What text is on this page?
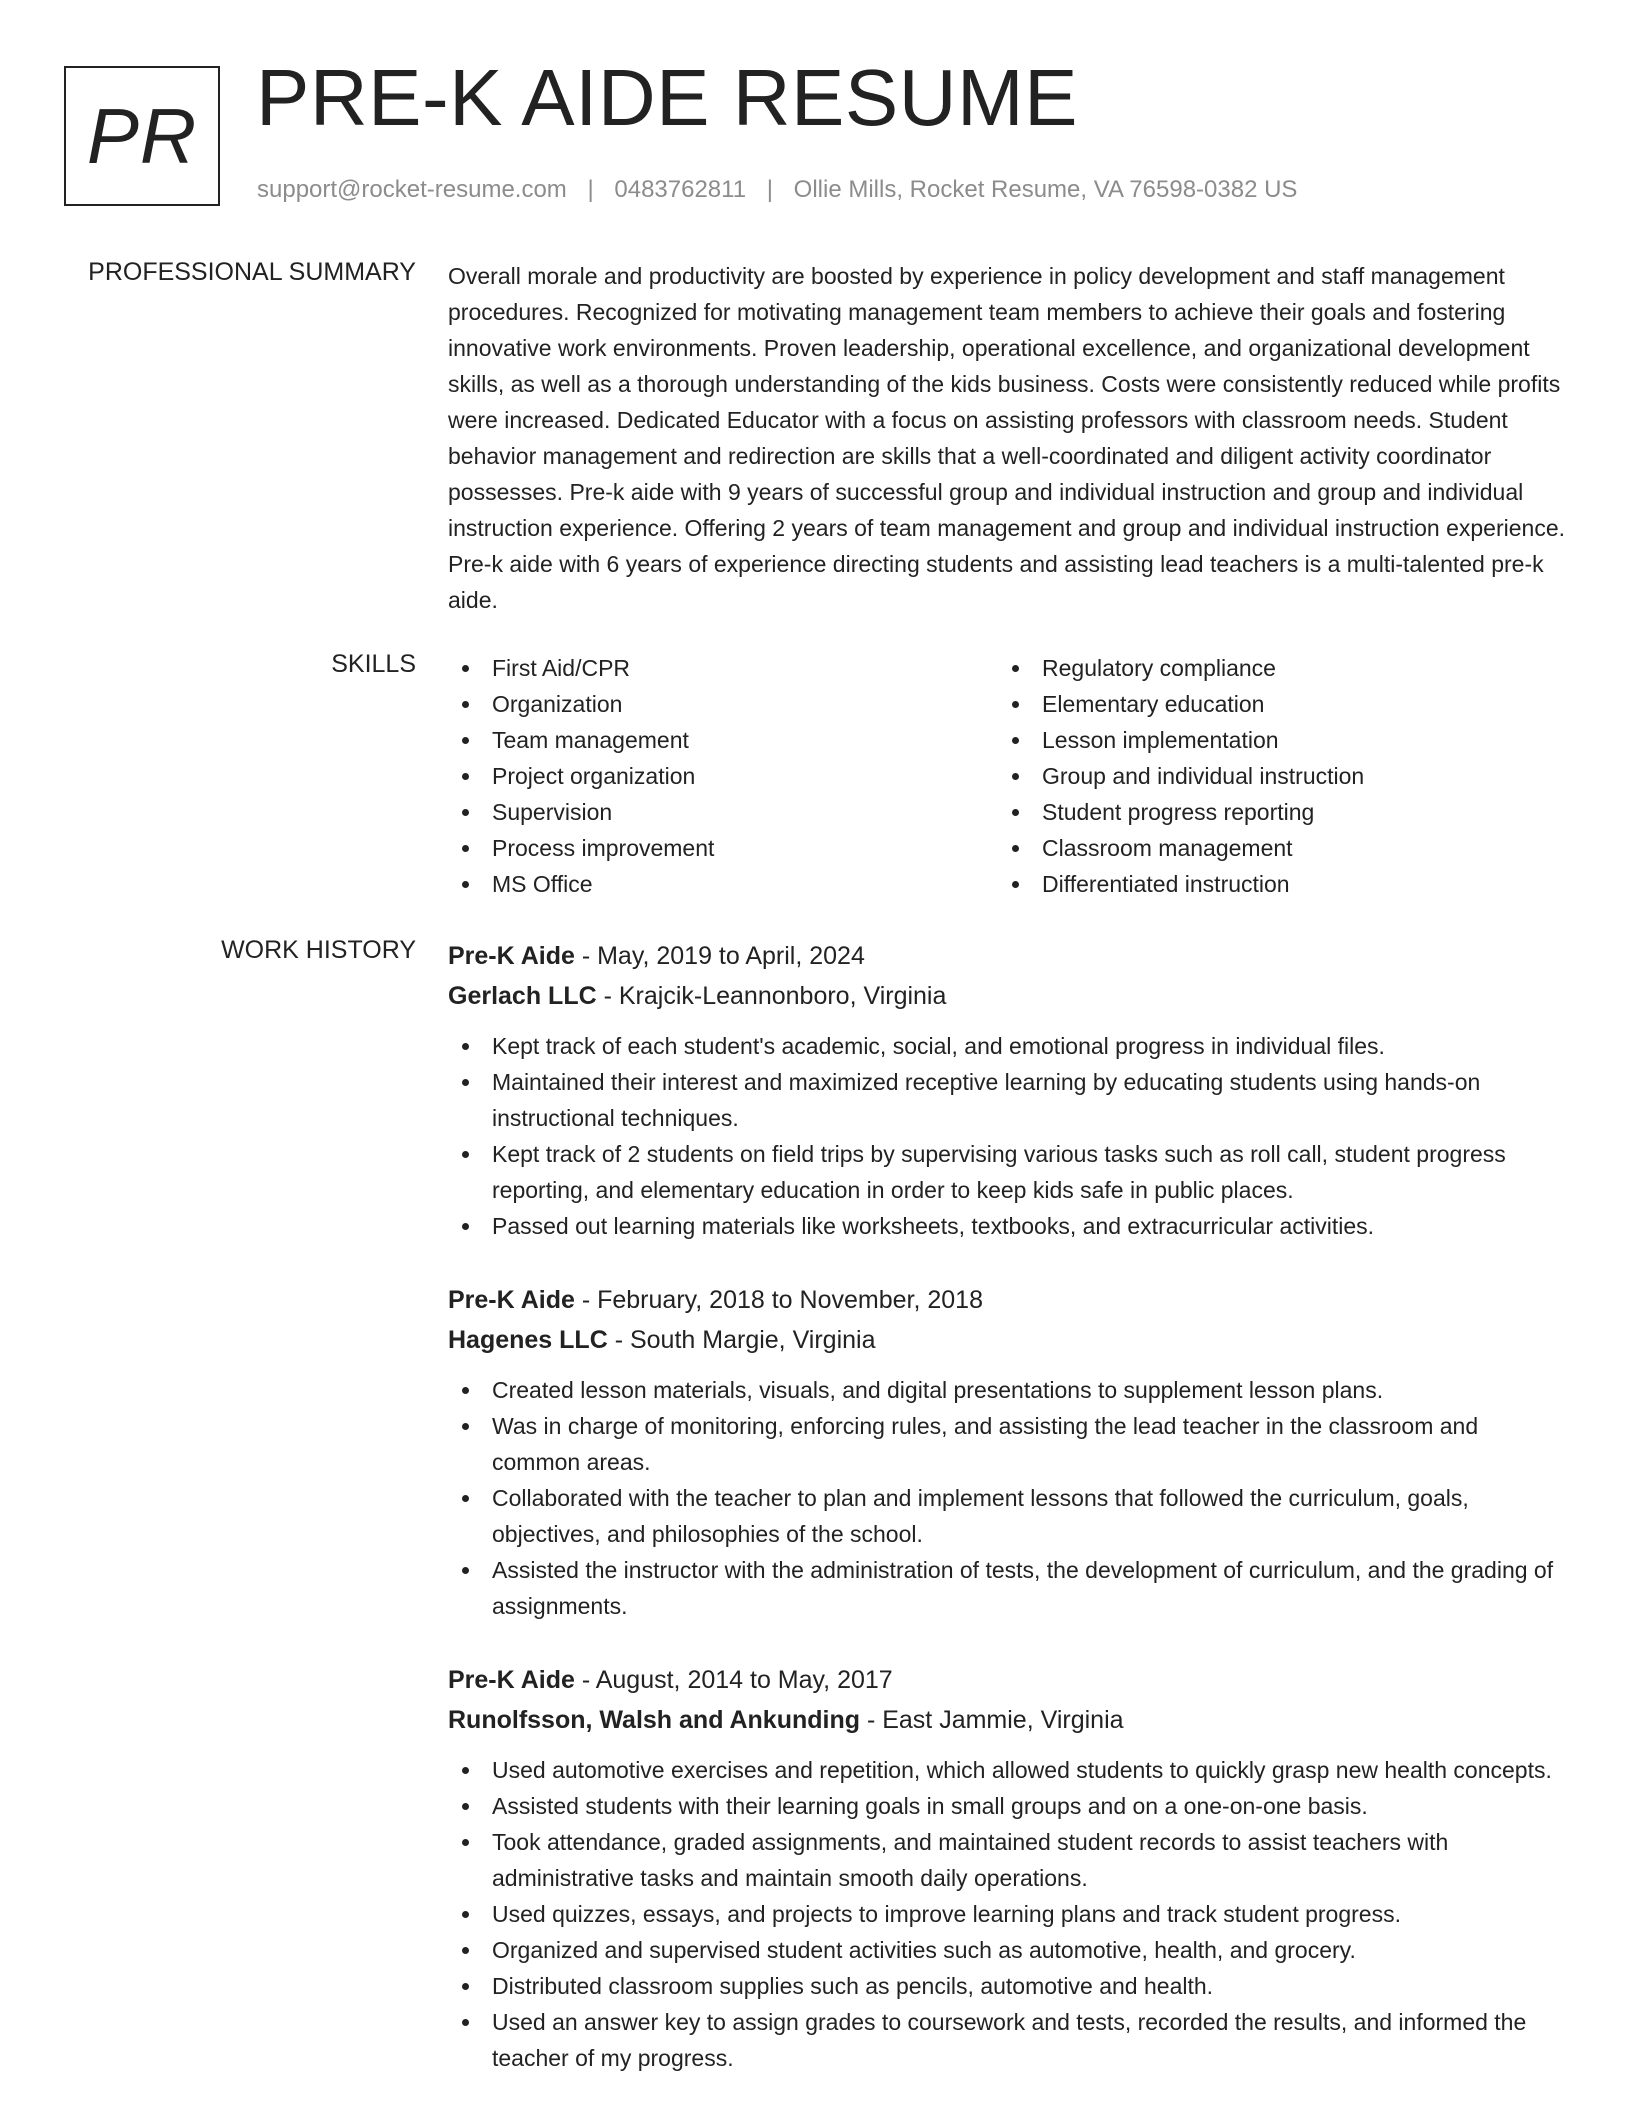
PR PRE-K AIDE RESUME
support@rocket-resume.com | 0483762811 | Ollie Mills, Rocket Resume, VA 76598-0382 US
PROFESSIONAL SUMMARY Overall morale and productivity are boosted by experience in policy development and staff management procedures. Recognized for motivating management team members to achieve their goals and fostering innovative work environments. Proven leadership, operational excellence, and organizational development skills, as well as a thorough understanding of the kids business. Costs were consistently reduced while profits were increased. Dedicated Educator with a focus on assisting professors with classroom needs. Student behavior management and redirection are skills that a well-coordinated and diligent activity coordinator possesses. Pre-k aide with 9 years of successful group and individual instruction and group and individual instruction experience. Offering 2 years of team management and group and individual instruction experience. Pre-k aide with 6 years of experience directing students and assisting lead teachers is a multi-talented pre-k aide.

SKILLS	First Aid/CPR
Organization
Team management
Project organization
Supervision
Process improvement
MS Office
Regulatory compliance
Elementary education
Lesson implementation
Group and individual instruction
Student progress reporting
Classroom management
Differentiated instruction
WORK HISTORY Pre-K Aide - May, 2019 to April, 2024
Gerlach LLC - Krajcik-Leannonboro, Virginia
Kept track of each student's academic, social, and emotional progress in individual files.
Maintained their interest and maximized receptive learning by educating students using hands-on instructional techniques.
Kept track of 2 students on field trips by supervising various tasks such as roll call, student progress reporting, and elementary education in order to keep kids safe in public places.
Passed out learning materials like worksheets, textbooks, and extracurricular activities.
Pre-K Aide - February, 2018 to November, 2018
Hagenes LLC - South Margie, Virginia
Created lesson materials, visuals, and digital presentations to supplement lesson plans.
Was in charge of monitoring, enforcing rules, and assisting the lead teacher in the classroom and common areas.
Collaborated with the teacher to plan and implement lessons that followed the curriculum, goals, objectives, and philosophies of the school.
Assisted the instructor with the administration of tests, the development of curriculum, and the grading of assignments.
Pre-K Aide - August, 2014 to May, 2017
Runolfsson, Walsh and Ankunding - East Jammie, Virginia
Used automotive exercises and repetition, which allowed students to quickly grasp new health concepts.
Assisted students with their learning goals in small groups and on a one-on-one basis.
Took attendance, graded assignments, and maintained student records to assist teachers with administrative tasks and maintain smooth daily operations.
Used quizzes, essays, and projects to improve learning plans and track student progress.
Organized and supervised student activities such as automotive, health, and grocery.
Distributed classroom supplies such as pencils, automotive and health.
Used an answer key to assign grades to coursework and tests, recorded the results, and informed the teacher of my progress.
